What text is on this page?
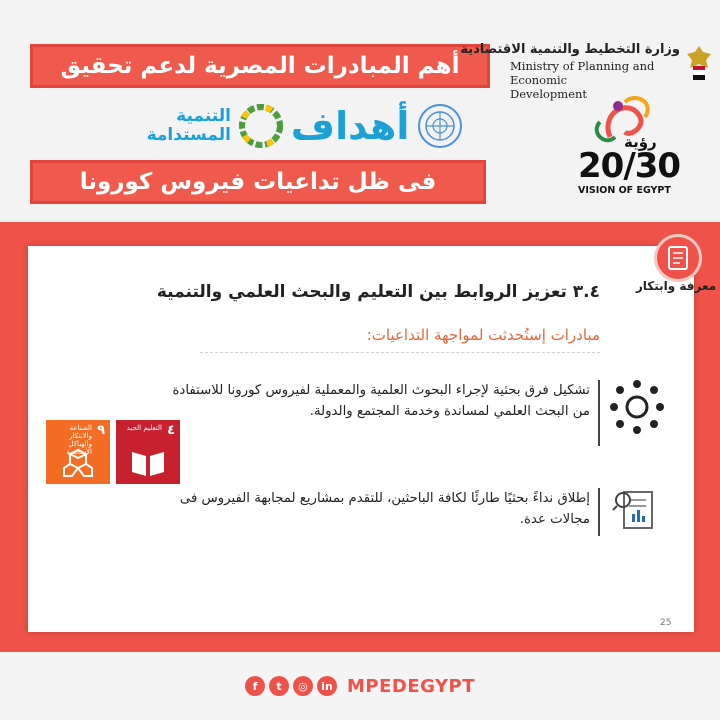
أهم المبادرات المصرية لدعم تحقيق
التنمية
المستدامة أهداف
فى ظل تداعيات فيروس كورونا
وزارة التخطيط والتنمية الاقتصادية
Ministry of Planning and Economic
Development
رؤية
20/30
VISION OF EGYPT
معرفة وابتكار
٣.٤ تعزيز الروابط بين التعليم والبحث العلمي والتنمية
مبادرات إستُحدثت لمواجهة التداعيات:
تشكيل فرق بحثية لإجراء البحوث العلمية والمعملية لفيروس كورونا للاستفادة من البحث العلمي لمساندة وخدمة المجتمع والدولة.
إطلاق نداءً بحثيًا طارئًا لكافة الباحثين، للتقدم بمشاريع لمجابهة الفيروس فى مجالات عدة.
٤
التعليم الجيد
٩
الصناعة والابتكار والهياكل الأساسية
25
f	t	◎	in MPEDEGYPT
